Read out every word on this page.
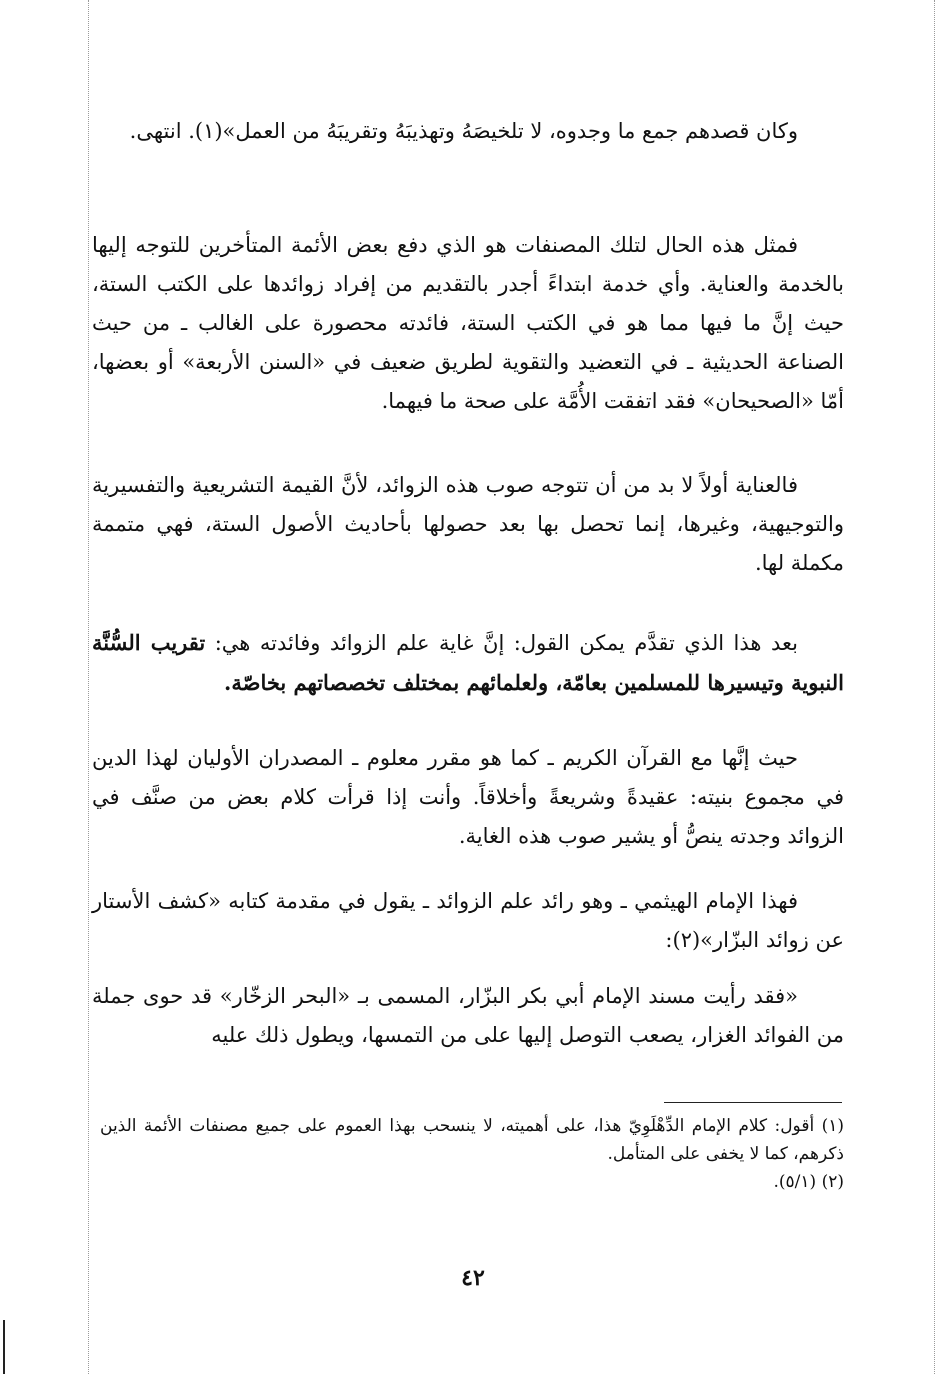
وكان قصدهم جمع ما وجدوه، لا تلخيصَهُ وتهذيبَهُ وتقريبَهُ من العمل»(١). انتهى.
فمثل هذه الحال لتلك المصنفات هو الذي دفع بعض الأئمة المتأخرين للتوجه إليها بالخدمة والعناية. وأي خدمة ابتداءً أجدر بالتقديم من إفراد زوائدها على الكتب الستة، حيث إنَّ ما فيها مما هو في الكتب الستة، فائدته محصورة على الغالب ـ من حيث الصناعة الحديثية ـ في التعضيد والتقوية لطريق ضعيف في «السنن الأربعة» أو بعضها، أمّا «الصحيحان» فقد اتفقت الأُمَّة على صحة ما فيهما.
فالعناية أولاً لا بد من أن تتوجه صوب هذه الزوائد، لأنَّ القيمة التشريعية والتفسيرية والتوجيهية، وغيرها، إنما تحصل بها بعد حصولها بأحاديث الأصول الستة، فهي متممة مكملة لها.
بعد هذا الذي تقدَّم يمكن القول: إنَّ غاية علم الزوائد وفائدته هي: تقريب السُّنَّة النبوية وتيسيرها للمسلمين بعامّة، ولعلمائهم بمختلف تخصصاتهم بخاصّة.
حيث إنَّها مع القرآن الكريم ـ كما هو مقرر معلوم ـ المصدران الأوليان لهذا الدين في مجموع بنيته: عقيدةً وشريعةً وأخلاقاً. وأنت إذا قرأت كلام بعض من صنَّف في الزوائد وجدته ينصُّ أو يشير صوب هذه الغاية.
فهذا الإمام الهيثمي ـ وهو رائد علم الزوائد ـ يقول في مقدمة كتابه «كشف الأستار عن زوائد البزّار»(٢):
«فقد رأيت مسند الإمام أبي بكر البزّار، المسمى بـ «البحر الزخّار» قد حوى جملة من الفوائد الغزار، يصعب التوصل إليها على من التمسها، ويطول ذلك عليه
(١) أقول: كلام الإمام الدِّهْلَوِيّ هذا، على أهميته، لا ينسحب بهذا العموم على جميع مصنفات الأئمة الذين ذكرهم، كما لا يخفى على المتأمل.
(٢) (٥/١).
٤٢
